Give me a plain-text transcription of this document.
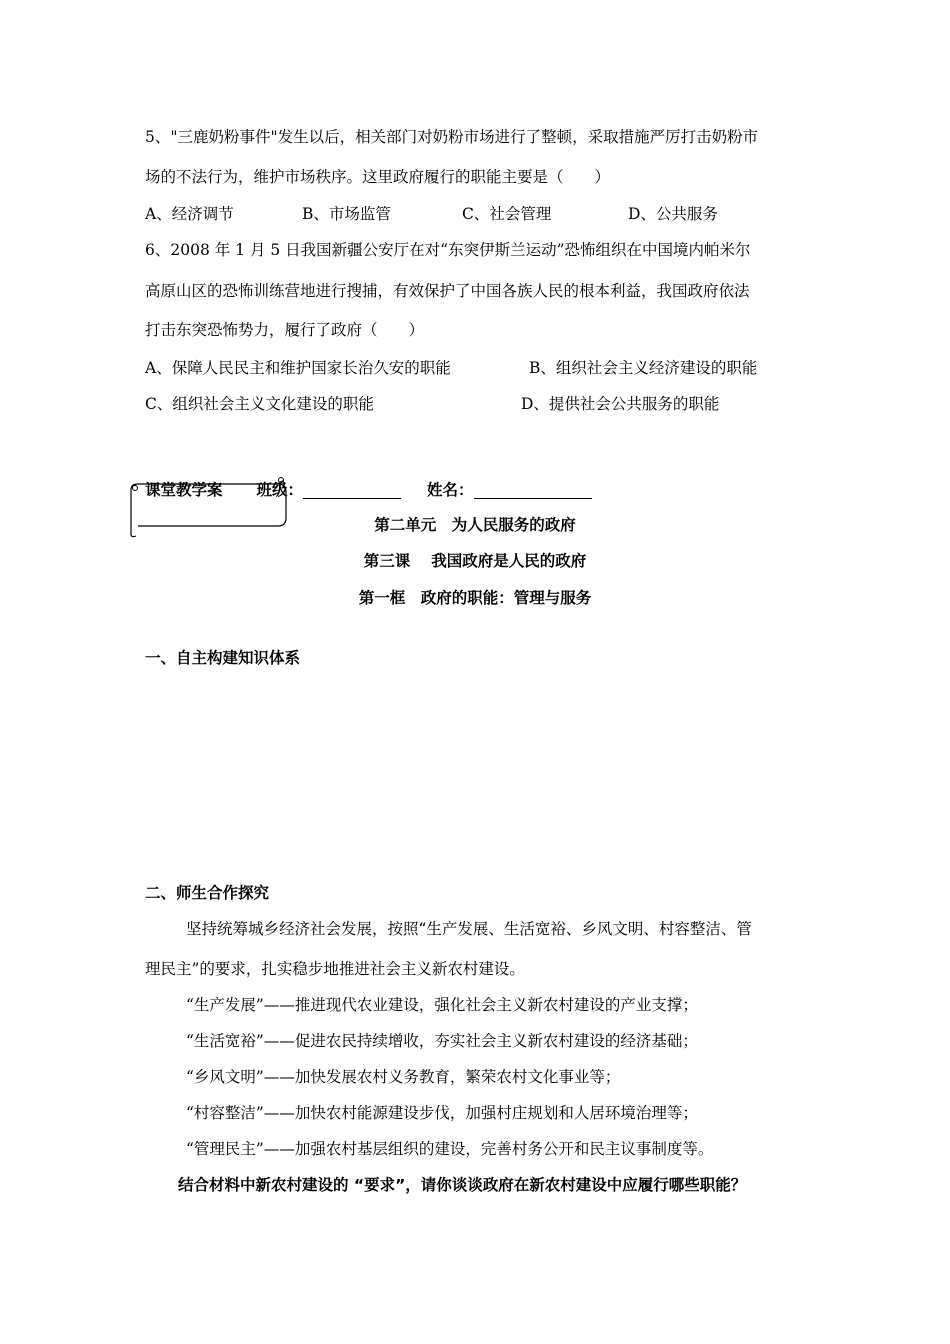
5、"三鹿奶粉事件"发生以后，相关部门对奶粉市场进行了整顿，采取措施严厉打击奶粉市
场的不法行为，维护市场秩序。这里政府履行的职能主要是（　　）
A、经济调节	B、市场监管	C、社会管理	D、公共服务
6、2008 年 1 月 5 日我国新疆公安厅在对“东突伊斯兰运动”恐怖组织在中国境内帕米尔
高原山区的恐怖训练营地进行搜捕，有效保护了中国各族人民的根本利益，我国政府依法
打击东突恐怖势力，履行了政府（　　）
A、保障人民民主和维护国家长治久安的职能	B、组织社会主义经济建设的职能
C、组织社会主义文化建设的职能	D、提供社会公共服务的职能
课堂教学案 班级：	姓名：
第二单元　为人民服务的政府
第三课　 我国政府是人民的政府
第一框　政府的职能：管理与服务
一、自主构建知识体系
二、师生合作探究
坚持统筹城乡经济社会发展，按照“生产发展、生活宽裕、乡风文明、村容整洁、管
理民主”的要求，扎实稳步地推进社会主义新农村建设。
“生产发展”——推进现代农业建设，强化社会主义新农村建设的产业支撑；
“生活宽裕”——促进农民持续增收，夯实社会主义新农村建设的经济基础；
“乡风文明”——加快发展农村义务教育，繁荣农村文化事业等；
“村容整洁”——加快农村能源建设步伐，加强村庄规划和人居环境治理等；
“管理民主”——加强农村基层组织的建设，完善村务公开和民主议事制度等。
结合材料中新农村建设的 “要求”，请你谈谈政府在新农村建设中应履行哪些职能？
